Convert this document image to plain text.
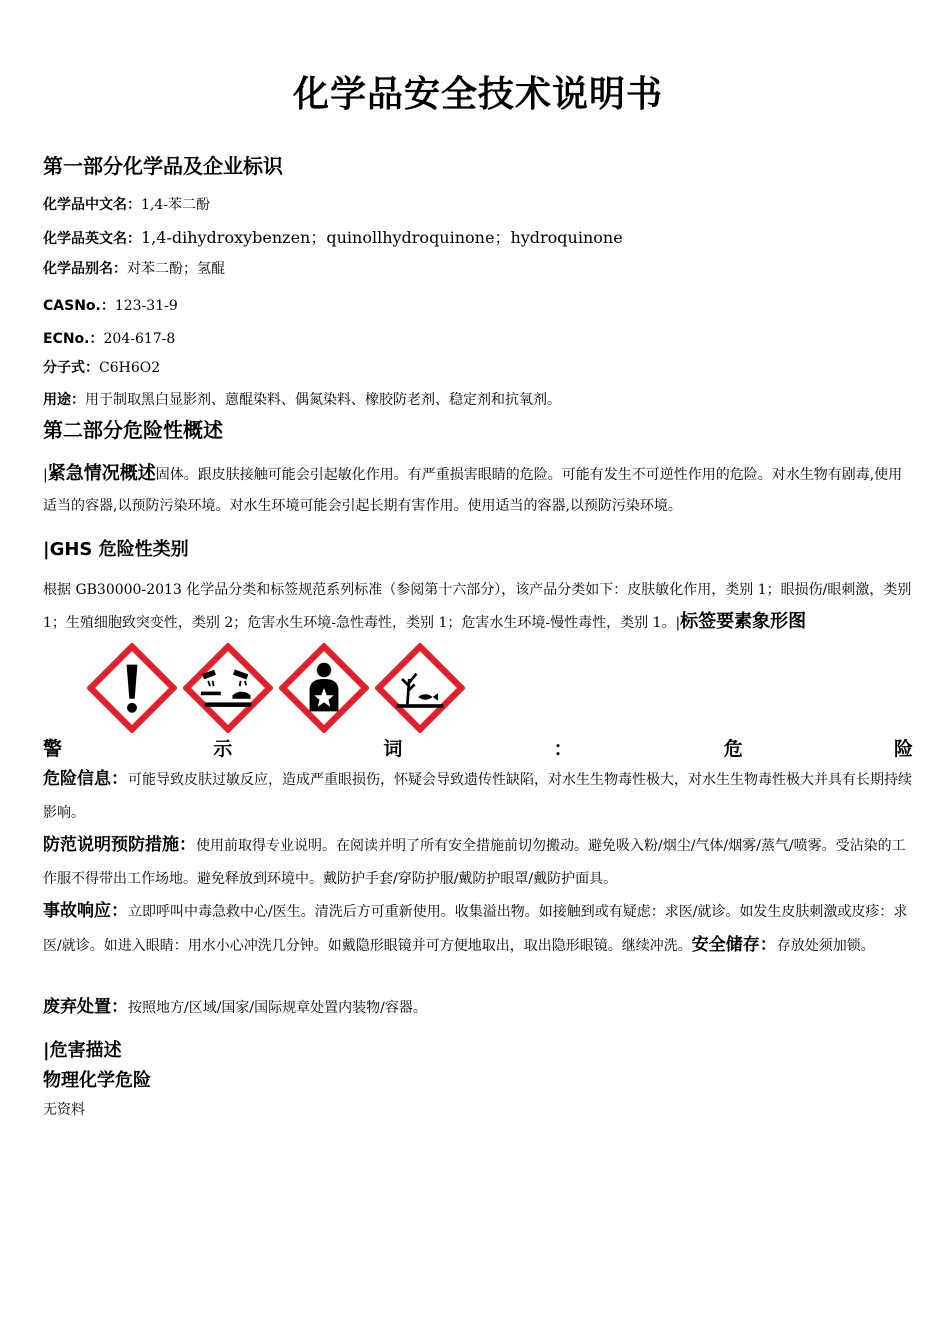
化学品安全技术说明书
第一部分化学品及企业标识
化学品中文名：1,4-苯二酚
化学品英文名：1,4-dihydroxybenzen；quinollhydroquinone；hydroquinone
化学品别名：对苯二酚；氢醌
CASNo.：123-31-9
ECNo.：204-617-8
分子式：C6H6O2
用途：用于制取黑白显影剂、蒽醌染料、偶氮染料、橡胶防老剂、稳定剂和抗氧剂。
第二部分危险性概述
|紧急情况概述固体。跟皮肤接触可能会引起敏化作用。有严重损害眼睛的危险。可能有发生不可逆性作用的危险。对水生物有剧毒,使用适当的容器,以预防污染环境。对水生环境可能会引起长期有害作用。使用适当的容器,以预防污染环境。
|GHS 危险性类别
根据 GB30000-2013 化学品分类和标签规范系列标准（参阅第十六部分），该产品分类如下：皮肤敏化作用，类别 1；眼损伤/眼刺激，类别 1；生殖细胞致突变性，类别 2；危害水生环境-急性毒性，类别 1；危害水生环境-慢性毒性，类别 1。|标签要素象形图
警	示	词	：	危	险
危险信息：可能导致皮肤过敏反应，造成严重眼损伤，怀疑会导致遗传性缺陷，对水生生物毒性极大，对水生生物毒性极大并具有长期持续影响。
防范说明预防措施：使用前取得专业说明。在阅读并明了所有安全措施前切勿搬动。避免吸入粉/烟尘/气体/烟雾/蒸气/喷雾。受沾染的工作服不得带出工作场地。避免释放到环境中。戴防护手套/穿防护服/戴防护眼罩/戴防护面具。
事故响应：立即呼叫中毒急救中心/医生。清洗后方可重新使用。收集溢出物。如接触到或有疑虑：求医/就诊。如发生皮肤刺激或皮疹：求医/就诊。如进入眼睛：用水小心冲洗几分钟。如戴隐形眼镜并可方便地取出，取出隐形眼镜。继续冲洗。安全储存：存放处须加锁。
废弃处置：按照地方/区域/国家/国际规章处置内装物/容器。
|危害描述
物理化学危险
无资料
